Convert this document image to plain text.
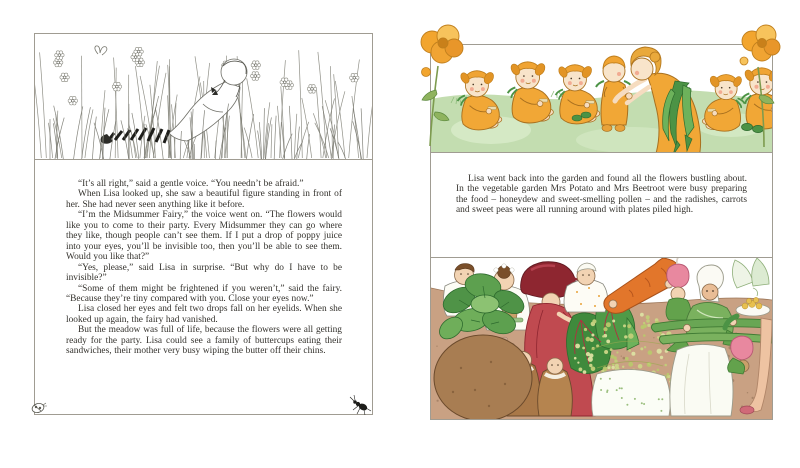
“It’s all right,” said a gentle voice. “You needn’t be afraid.”

When Lisa looked up, she saw a beautiful figure standing in front of her. She had never seen anything like it before.

“I’m the Midsummer Fairy,” the voice went on. “The flowers would like you to come to their party. Every Midsummer they can go where they like, though people can’t see them. If I put a drop of poppy juice into your eyes, you’ll be invisible too, then you’ll be able to see them. Would you like that?”

“Yes, please,” said Lisa in surprise. “But why do I have to be invisible?”

“Some of them might be frightened if you weren’t,” said the fairy. “Because they’re tiny compared with you. Close your eyes now.”

Lisa closed her eyes and felt two drops fall on her eyelids. When she looked up again, the fairy had vanished.

But the meadow was full of life, because the flowers were all getting ready for the party. Lisa could see a family of buttercups eating their sandwiches, their mother very busy wiping the butter off their chins.

Lisa went back into the garden and found all the flowers bustling about. In the vegetable garden Mrs Potato and Mrs Beetroot were busy preparing the food – honeydew and sweet-smelling pollen – and the radishes, carrots and sweet peas were all running around with plates piled high.
